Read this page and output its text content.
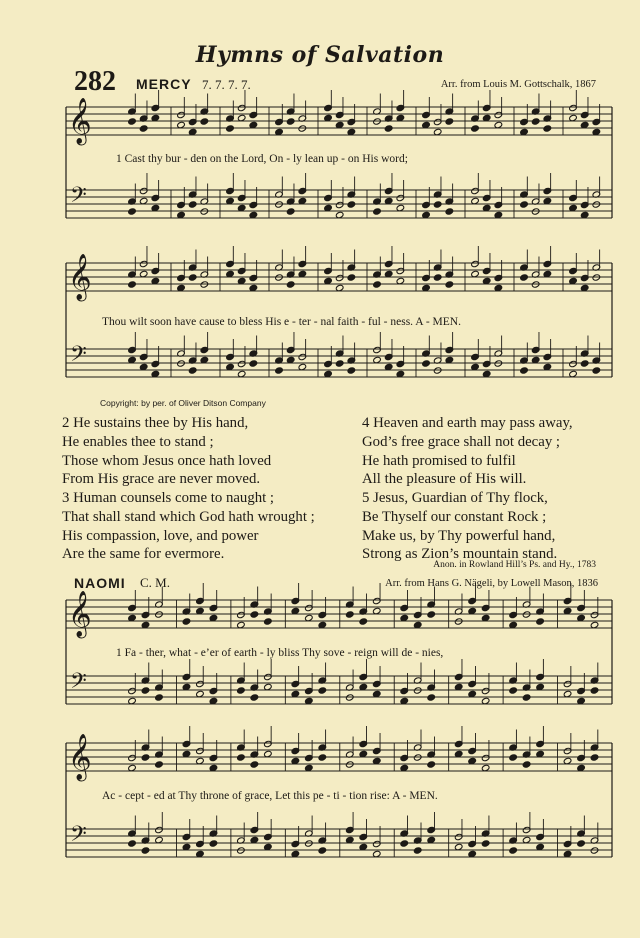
Hymns of Salvation
282 MERCY 7. 7. 7. 7.	Arr. from Louis M. Gottschalk, 1867
𝄞
𝄢
𝄞
𝄢
𝄞
𝄢
𝄞
𝄢
1 Cast thy bur - den on the Lord, On - ly lean up - on His word;
Thou wilt soon have cause to bless His e - ter - nal faith - ful - ness. A - MEN.
Copyright: by per. of Oliver Ditson Company
2 He sustains thee by His hand,
He enables thee to stand ;
Those whom Jesus once hath loved
From His grace are never moved.
3 Human counsels come to naught ;
That shall stand which God hath wrought ;
His compassion, love, and power
Are the same for evermore.
4 Heaven and earth may pass away,
God’s free grace shall not decay ;
He hath promised to fulfil
All the pleasure of His will.
5 Jesus, Guardian of Thy flock,
Be Thyself our constant Rock ;
Make us, by Thy powerful hand,
Strong as Zion’s mountain stand.
Anon. in Rowland Hill’s Ps. and Hy., 1783
NAOMI C. M.	Arr. from Hans G. Nägeli, by Lowell Mason, 1836
1 Fa - ther, what - e’er of earth - ly bliss Thy sove - reign will de - nies,
Ac - cept - ed at Thy throne of grace, Let this pe - ti - tion rise: A - MEN.
